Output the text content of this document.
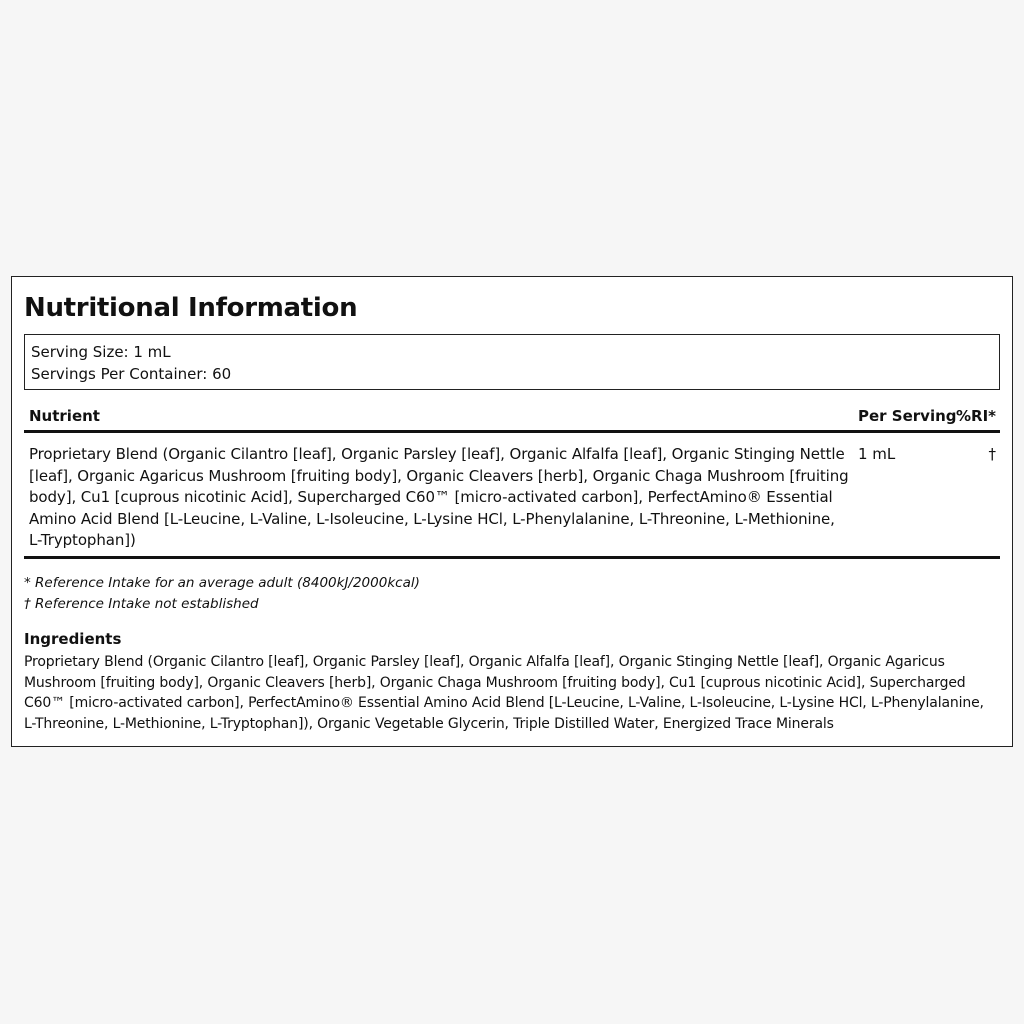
Nutritional Information
Serving Size: 1 mL
Servings Per Container: 60
Nutrient	Per Serving %RI*
Proprietary Blend (Organic Cilantro [leaf], Organic Parsley [leaf], Organic Alfalfa [leaf], Organic Stinging Nettle [leaf], Organic Agaricus Mushroom [fruiting body], Organic Cleavers [herb], Organic Chaga Mushroom [fruiting body], Cu1 [cuprous nicotinic Acid], Supercharged C60™ [micro-activated carbon], PerfectAmino® Essential Amino Acid Blend [L-Leucine, L-Valine, L-Isoleucine, L-Lysine HCl, L-Phenylalanine, L-Threonine, L-Methionine, L-Tryptophan])
1 mL	†
* Reference Intake for an average adult (8400kJ/2000kcal)
† Reference Intake not established
Ingredients
Proprietary Blend (Organic Cilantro [leaf], Organic Parsley [leaf], Organic Alfalfa [leaf], Organic Stinging Nettle [leaf], Organic Agaricus Mushroom [fruiting body], Organic Cleavers [herb], Organic Chaga Mushroom [fruiting body], Cu1 [cuprous nicotinic Acid], Supercharged C60™ [micro-activated carbon], PerfectAmino® Essential Amino Acid Blend [L-Leucine, L-Valine, L-Isoleucine, L-Lysine HCl, L-Phenylalanine, L-Threonine, L-Methionine, L-Tryptophan]), Organic Vegetable Glycerin, Triple Distilled Water, Energized Trace Minerals
